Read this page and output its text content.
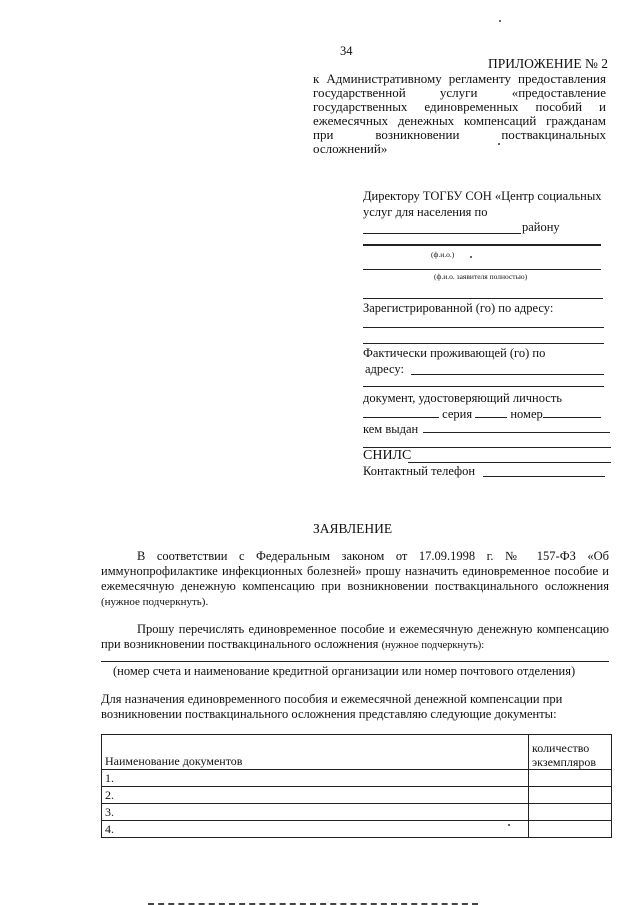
34
ПРИЛОЖЕНИЕ № 2
к Административному регламенту предоставления
государственной услуги «предоставление
государственных единовременных пособий и
ежемесячных денежных компенсаций гражданам
при возникновении поствакцинальных
осложнений»
Директору ТОГБУ СОН «Центр социальных
услуг для населения по
району
(ф.и.о.)
(ф.и.о. заявителя полностью)
Зарегистрированной (го) по адресу:
Фактически проживающей (го) по
адресу:
документ, удостоверяющий личность
серия	номер
кем выдан
СНИЛС
Контактный телефон
ЗАЯВЛЕНИЕ
В соответствии с Федеральным законом от 17.09.1998 г. № 157-ФЗ «Об иммунопрофилактике инфекционных болезней» прошу назначить единовременное пособие и ежемесячную денежную компенсацию при возникновении поствакцинального осложнения (нужное подчеркнуть).
Прошу перечислять единовременное пособие и ежемесячную денежную компенсацию при возникновении поствакцинального осложнения (нужное подчеркнуть):
(номер счета и наименование кредитной организации или номер почтового отделения)
Для назначения единовременного пособия и ежемесячной денежной компенсации при возникновении поствакцинального осложнения представляю следующие документы:
Наименование документов	количество
экземпляров

1.	
2.	
3.	
4.	
